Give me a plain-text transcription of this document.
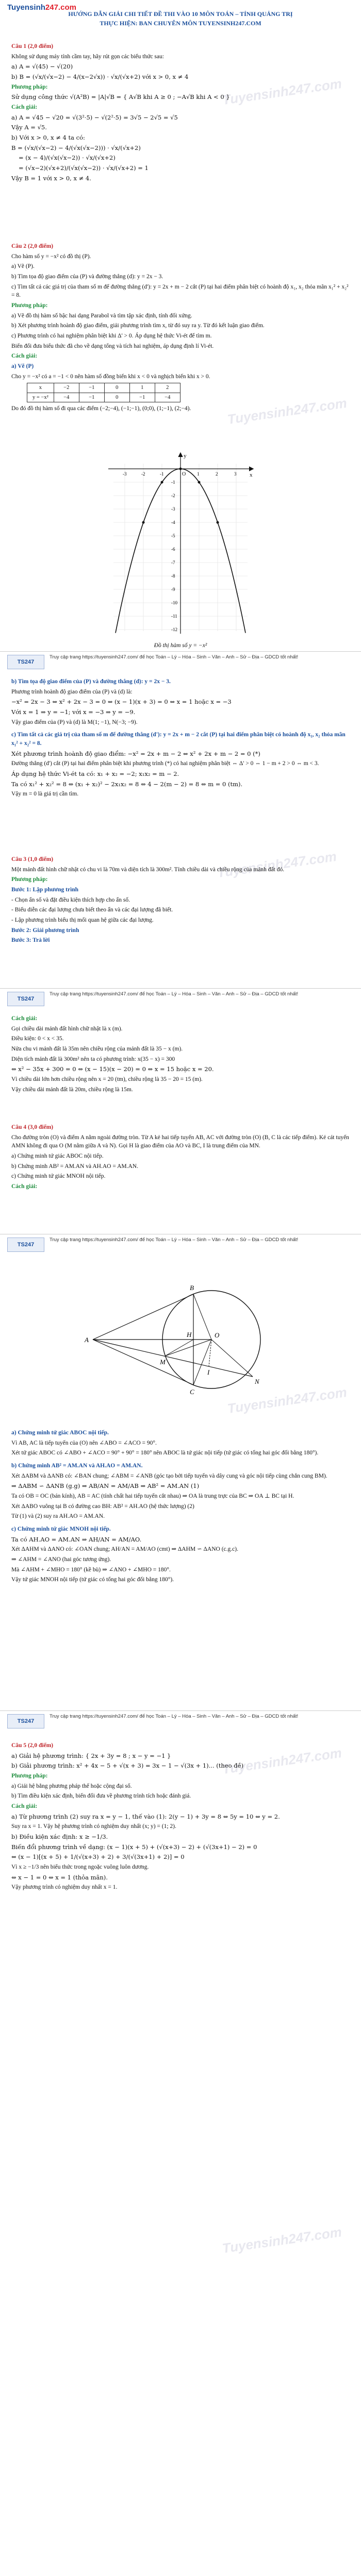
Tuyensinh247.com
HƯỚNG DẪN GIẢI CHI TIẾT ĐỀ THI VÀO 10 MÔN TOÁN – TỈNH QUẢNG TRỊ
THỰC HIỆN: BAN CHUYÊN MÔN TUYENSINH247.COM
Tuyensinh247.com
Tuyensinh247.com
Tuyensinh247.com
Tuyensinh247.com
Tuyensinh247.com
Tuyensinh247.com
Câu 1 (2,0 điểm)
Không sử dụng máy tính cầm tay, hãy rút gọn các biểu thức sau:
a) A = √(45) − √(20)
b) B = (√x/(√x−2) − 4/(x−2√x)) · √x/(√x+2) với x > 0, x ≠ 4
Phương pháp:
Sử dụng công thức √(A²B) = |A|√B = { A√B khi A ≥ 0 ; −A√B khi A < 0 }
Cách giải:
a) A = √45 − √20 = √(3²·5) − √(2²·5) = 3√5 − 2√5 = √5
Vậy A = √5.
b) Với x > 0, x ≠ 4 ta có:
B = (√x/(√x−2) − 4/(√x(√x−2))) · √x/(√x+2)
= (x − 4)/(√x(√x−2)) · √x/(√x+2)
= (√x−2)(√x+2)/(√x(√x−2)) · √x/(√x+2) = 1
Vậy B = 1 với x > 0, x ≠ 4.
Câu 2 (2,0 điểm)
Cho hàm số y = −x² có đồ thị (P).
a) Vẽ (P).
b) Tìm tọa độ giao điểm của (P) và đường thẳng (d): y = 2x − 3.
c) Tìm tất cả các giá trị của tham số m để đường thẳng (d'): y = 2x + m − 2 cắt (P) tại hai điểm phân biệt có hoành độ x₁, x₂ thỏa mãn x₁² + x₂² = 8.
Phương pháp:
a) Vẽ đồ thị hàm số bậc hai dạng Parabol và tìm tập xác định, tính đối xứng.
b) Xét phương trình hoành độ giao điểm, giải phương trình tìm x, từ đó suy ra y. Từ đó kết luận giao điểm.
c) Phương trình có hai nghiệm phân biệt khi Δ' > 0. Áp dụng hệ thức Vi-ét để tìm m.
Biến đổi đưa biểu thức đã cho về dạng tổng và tích hai nghiệm, áp dụng định lí Vi-ét.
Cách giải:
a) Vẽ (P)
Cho y = −x² có a = −1 < 0 nên hàm số đồng biến khi x < 0 và nghịch biến khi x > 0.
x	−2	−1	0	1	2
y = −x²	−4	−1	0	−1	−4
Do đó đồ thị hàm số đi qua các điểm (−2;−4), (−1;−1), (0;0), (1;−1), (2;−4).
-3	-2	-1	1	2	3
-12
-11
-10
-9
-8
-7
-6
-5
-4
-3
-2
-1
x
y
O
Đồ thị hàm số y = −x²
TS247
Truy cập trang https://tuyensinh247.com/ để học Toán – Lý – Hóa – Sinh – Văn – Anh – Sử – Địa – GDCD tốt nhất!
b) Tìm tọa độ giao điểm của (P) và đường thẳng (d): y = 2x − 3.
Phương trình hoành độ giao điểm của (P) và (d) là:
−x² = 2x − 3 ⇔ x² + 2x − 3 = 0 ⇔ (x − 1)(x + 3) = 0 ⇔ x = 1 hoặc x = −3
Với x = 1 ⇒ y = −1; với x = −3 ⇒ y = −9.
Vậy giao điểm của (P) và (d) là M(1; −1), N(−3; −9).
c) Tìm tất cả các giá trị của tham số m để đường thẳng (d'): y = 2x + m − 2 cắt (P) tại hai điểm phân biệt có hoành độ x₁, x₂ thỏa mãn x₁² + x₂² = 8.
Xét phương trình hoành độ giao điểm: −x² = 2x + m − 2 ⇔ x² + 2x + m − 2 = 0 (*)
Đường thẳng (d') cắt (P) tại hai điểm phân biệt khi phương trình (*) có hai nghiệm phân biệt ⇔ Δ' > 0 ⇔ 1 − m + 2 > 0 ⇔ m < 3.
Áp dụng hệ thức Vi-ét ta có: x₁ + x₂ = −2; x₁x₂ = m − 2.
Ta có x₁² + x₂² = 8 ⇔ (x₁ + x₂)² − 2x₁x₂ = 8 ⇔ 4 − 2(m − 2) = 8 ⇔ m = 0 (tm).
Vậy m = 0 là giá trị cần tìm.
Câu 3 (1,0 điểm)
Một mảnh đất hình chữ nhật có chu vi là 70m và diện tích là 300m². Tính chiều dài và chiều rộng của mảnh đất đó.
Phương pháp:
Bước 1: Lập phương trình
- Chọn ẩn số và đặt điều kiện thích hợp cho ẩn số.
- Biểu diễn các đại lượng chưa biết theo ẩn và các đại lượng đã biết.
- Lập phương trình biểu thị mối quan hệ giữa các đại lượng.
Bước 2: Giải phương trình
Bước 3: Trả lời
TS247
Truy cập trang https://tuyensinh247.com/ để học Toán – Lý – Hóa – Sinh – Văn – Anh – Sử – Địa – GDCD tốt nhất!
Cách giải:
Gọi chiều dài mảnh đất hình chữ nhật là x (m).
Điều kiện: 0 < x < 35.
Nửa chu vi mảnh đất là 35m nên chiều rộng của mảnh đất là 35 − x (m).
Diện tích mảnh đất là 300m² nên ta có phương trình: x(35 − x) = 300
⇔ x² − 35x + 300 = 0 ⇔ (x − 15)(x − 20) = 0 ⇔ x = 15 hoặc x = 20.
Vì chiều dài lớn hơn chiều rộng nên x = 20 (tm), chiều rộng là 35 − 20 = 15 (m).
Vậy chiều dài mảnh đất là 20m, chiều rộng là 15m.
Câu 4 (3,0 điểm)
Cho đường tròn (O) và điểm A nằm ngoài đường tròn. Từ A kẻ hai tiếp tuyến AB, AC với đường tròn (O) (B, C là các tiếp điểm). Kẻ cát tuyến AMN không đi qua O (M nằm giữa A và N). Gọi H là giao điểm của AO và BC, I là trung điểm của MN.
a) Chứng minh tứ giác ABOC nội tiếp.
b) Chứng minh AB² = AM.AN và AH.AO = AM.AN.
c) Chứng minh tứ giác MNOH nội tiếp.
Cách giải:
TS247
Truy cập trang https://tuyensinh247.com/ để học Toán – Lý – Hóa – Sinh – Văn – Anh – Sử – Địa – GDCD tốt nhất!
A
B
C
O
H
M
N
I
a) Chứng minh tứ giác ABOC nội tiếp.
Vì AB, AC là tiếp tuyến của (O) nên ∠ABO = ∠ACO = 90°.
Xét tứ giác ABOC có ∠ABO + ∠ACO = 90° + 90° = 180° nên ABOC là tứ giác nội tiếp (tứ giác có tổng hai góc đối bằng 180°).
b) Chứng minh AB² = AM.AN và AH.AO = AM.AN.
Xét ΔABM và ΔANB có: ∠BAN chung; ∠ABM = ∠ANB (góc tạo bởi tiếp tuyến và dây cung và góc nội tiếp cùng chắn cung BM).
⇒ ΔABM ∽ ΔANB (g.g) ⇒ AB/AN = AM/AB ⇒ AB² = AM.AN (1)
Ta có OB = OC (bán kính), AB = AC (tính chất hai tiếp tuyến cắt nhau) ⇒ OA là trung trực của BC ⇒ OA ⊥ BC tại H.
Xét ΔABO vuông tại B có đường cao BH: AB² = AH.AO (hệ thức lượng) (2)
Từ (1) và (2) suy ra AH.AO = AM.AN.
c) Chứng minh tứ giác MNOH nội tiếp.
Ta có AH.AO = AM.AN ⇒ AH/AN = AM/AO.
Xét ΔAHM và ΔANO có: ∠OAN chung; AH/AN = AM/AO (cmt) ⇒ ΔAHM ∽ ΔANO (c.g.c).
⇒ ∠AHM = ∠ANO (hai góc tương ứng).
Mà ∠AHM + ∠MHO = 180° (kề bù) ⇒ ∠ANO + ∠MHO = 180°.
Vậy tứ giác MNOH nội tiếp (tứ giác có tổng hai góc đối bằng 180°).
TS247
Truy cập trang https://tuyensinh247.com/ để học Toán – Lý – Hóa – Sinh – Văn – Anh – Sử – Địa – GDCD tốt nhất!
Câu 5 (2,0 điểm)
a) Giải hệ phương trình: { 2x + 3y = 8 ; x − y = −1 }
b) Giải phương trình: x² + 4x − 5 + √(x + 3) = 3x − 1 − √(3x + 1)... (theo đề)
Phương pháp:
a) Giải hệ bằng phương pháp thế hoặc cộng đại số.
b) Tìm điều kiện xác định, biến đổi đưa về phương trình tích hoặc đánh giá.
Cách giải:
a) Từ phương trình (2) suy ra x = y − 1, thế vào (1): 2(y − 1) + 3y = 8 ⇔ 5y = 10 ⇔ y = 2.
Suy ra x = 1. Vậy hệ phương trình có nghiệm duy nhất (x; y) = (1; 2).
b) Điều kiện xác định: x ≥ −1/3.
Biến đổi phương trình về dạng: (x − 1)(x + 5) + (√(x+3) − 2) + (√(3x+1) − 2) = 0
⇔ (x − 1)[(x + 5) + 1/(√(x+3) + 2) + 3/(√(3x+1) + 2)] = 0
Vì x ≥ −1/3 nên biểu thức trong ngoặc vuông luôn dương.
⇔ x − 1 = 0 ⇔ x = 1 (thỏa mãn).
Vậy phương trình có nghiệm duy nhất x = 1.
